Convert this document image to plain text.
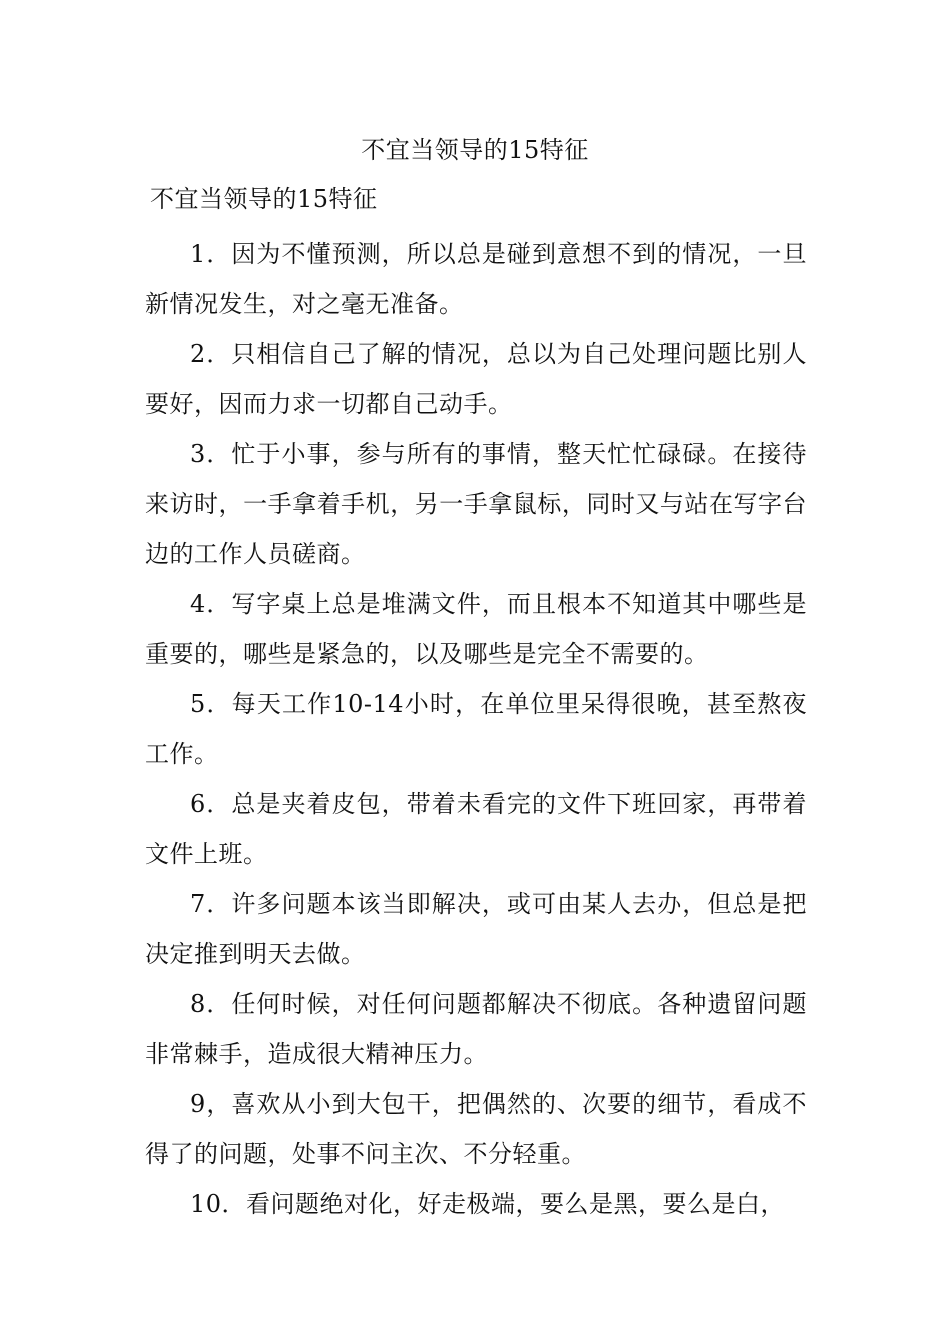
不宜当领导的15特征
不宜当领导的15特征

1．因为不懂预测，所以总是碰到意想不到的情况，一旦新情况发生，对之毫无准备。

2．只相信自己了解的情况，总以为自己处理问题比别人要好，因而力求一切都自己动手。

3．忙于小事，参与所有的事情，整天忙忙碌碌。在接待来访时，一手拿着手机，另一手拿鼠标，同时又与站在写字台边的工作人员磋商。

4．写字桌上总是堆满文件，而且根本不知道其中哪些是重要的，哪些是紧急的，以及哪些是完全不需要的。

5．每天工作10-14小时，在单位里呆得很晚，甚至熬夜工作。

6．总是夹着皮包，带着未看完的文件下班回家，再带着文件上班。

7．许多问题本该当即解决，或可由某人去办，但总是把决定推到明天去做。

8．任何时候，对任何问题都解决不彻底。各种遗留问题非常棘手，造成很大精神压力。

9，喜欢从小到大包干，把偶然的、次要的细节，看成不得了的问题，处事不问主次、不分轻重。

10．看问题绝对化，好走极端，要么是黑，要么是白，
